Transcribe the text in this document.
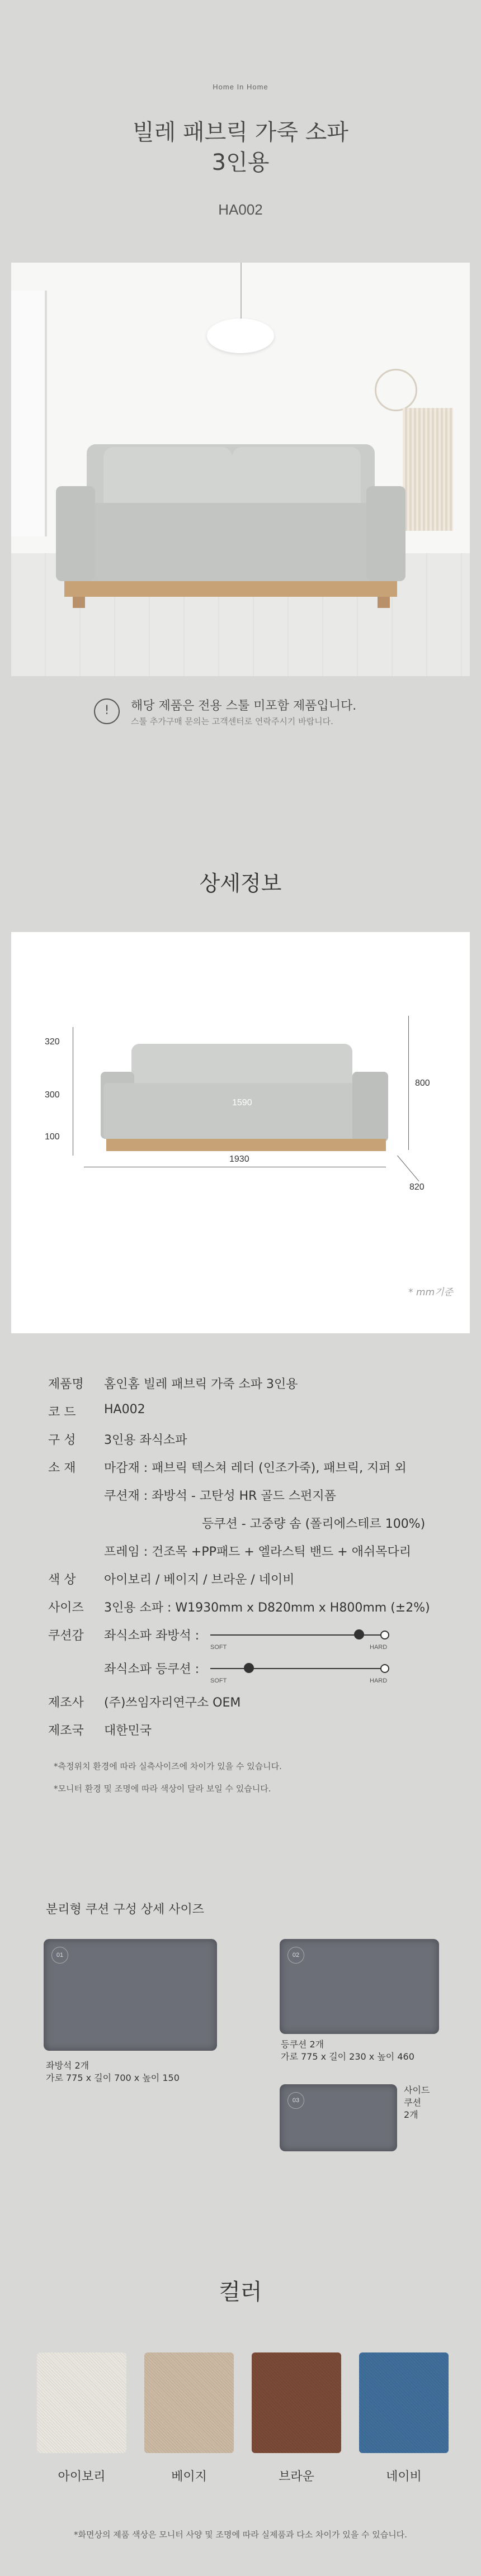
Home In Home
빌레 패브릭 가죽 소파
3인용
HA002
!	해당 제품은 전용 스툴 미포함 제품입니다.
스툴 추가구매 문의는 고객센터로 연락주시기 바랍니다.
상세정보
320
300
100
800
1930
1590
820
* mm기준
제품명	홈인홈 빌레 패브릭 가죽 소파 3인용
코 드	HA002
구 성	3인용 좌식소파
소 재	마감재 : 패브릭 텍스쳐 레더 (인조가죽), 패브릭, 지퍼 외
쿠션재 : 좌방석 - 고탄성 HR 골드 스펀지폼
등쿠션 - 고중량 솜 (폴리에스테르 100%)
프레임 : 건조목 +PP패드 + 엘라스틱 밴드 + 애쉬목다리
색 상	아이보리 / 베이지 / 브라운 / 네이비
사이즈	3인용 소파 : W1930mm x D820mm x H800mm (±2%)
쿠션감	좌식소파 좌방석 :
SOFT	HARD
좌식소파 등쿠션 :
SOFT	HARD
제조사	(주)쓰임자리연구소 OEM
제조국	대한민국
*측정위치 환경에 따라 실측사이즈에 차이가 있을 수 있습니다.
*모니터 환경 및 조명에 따라 색상이 달라 보일 수 있습니다.
분리형 쿠션 구성 상세 사이즈
01
좌방석 2개
가로 775 x 길이 700 x 높이 150
02
등쿠션 2개
가로 775 x 길이 230 x 높이 460
03
사이드
쿠션
2개
컬러
아이보리	베이지	브라운	네이비
*화면상의 제품 색상은 모니터 사양 및 조명에 따라 실제품과 다소 차이가 있을 수 있습니다.
